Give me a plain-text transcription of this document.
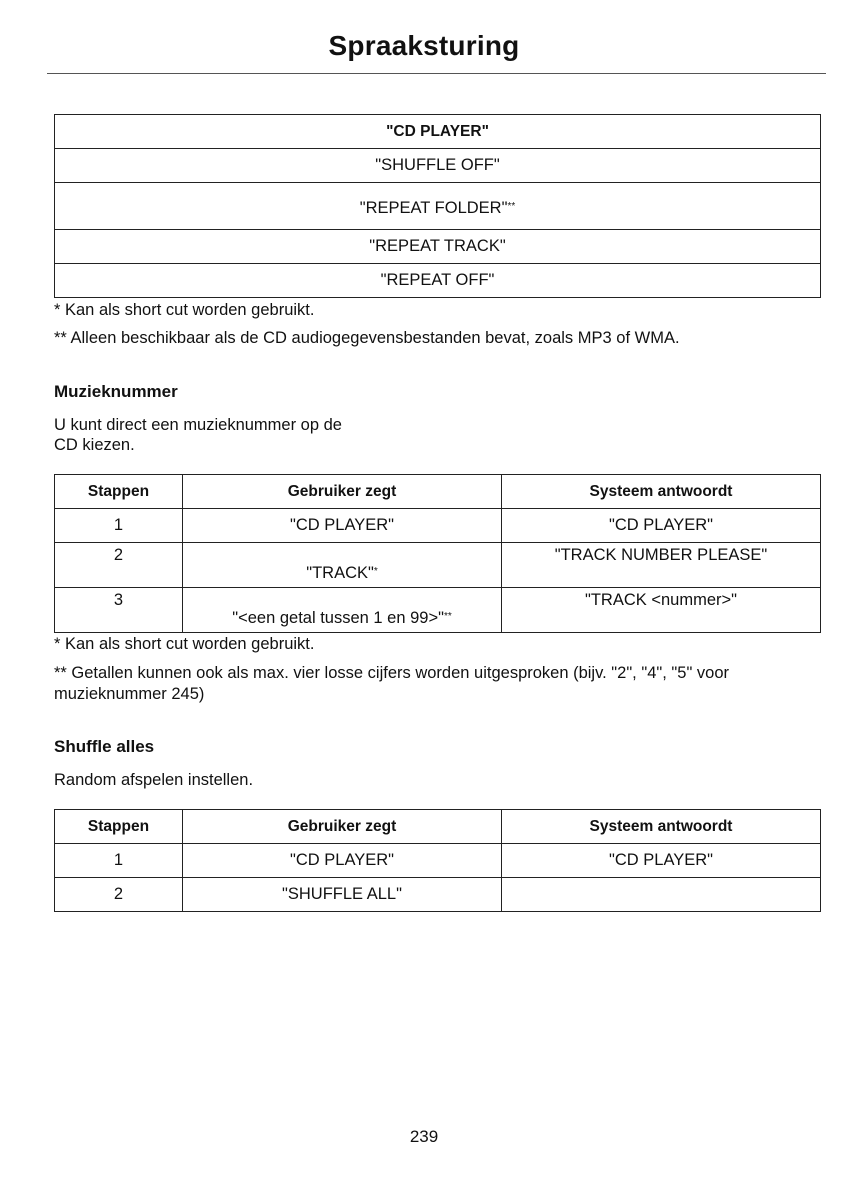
Spraaksturing
"CD PLAYER"
"SHUFFLE OFF"
"REPEAT FOLDER"**
"REPEAT TRACK"
"REPEAT OFF"
* Kan als short cut worden gebruikt.
** Alleen beschikbaar als de CD audiogegevensbestanden bevat, zoals MP3 of WMA.
Muzieknummer
U kunt direct een muzieknummer op de
CD kiezen.
Stappen	Gebruiker zegt	Systeem antwoordt
1	"CD PLAYER"	"CD PLAYER"
2	"TRACK"*	"TRACK NUMBER PLEASE"
3	"<een getal tussen 1 en 99>"**	"TRACK <nummer>"
* Kan als short cut worden gebruikt.
** Getallen kunnen ook als max. vier losse cijfers worden uitgesproken (bijv. "2", "4", "5" voor muzieknummer 245)
Shuffle alles
Random afspelen instellen.
Stappen	Gebruiker zegt	Systeem antwoordt
1	"CD PLAYER"	"CD PLAYER"
2	"SHUFFLE ALL"	
239
